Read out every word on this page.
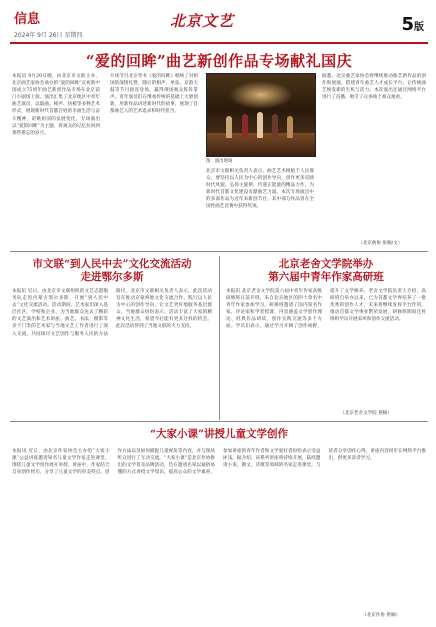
信息
2024年 9月 26日 星期四
北京文艺	5版
“爱的回眸”曲艺新创作品专场献礼国庆
本报讯 9月20日晚，由北京市文联主办、北京曲艺家协会承办的“爱的回眸”庆祝新中国成立75周年曲艺新创作品专场在北京前门小剧场上演。演出汇集了北京地区中青年曲艺演员，以鼓曲、相声、快板等多种艺术形式，展现新时代首都百姓的幸福生活与奋斗精神，讴歌祖国的发展变化。专场演出以“爱的回眸”为主题，将观众的记忆拉回到那些难忘的岁月。
开场节目北京琴书《爱的回眸》唱响了对祖国的深情礼赞，随后的相声、单弦、京韵大鼓等节目接连登场，赢得现场观众阵阵掌声。青年演员们在继承传统的基础上大胆创新，用新作品讲述新时代的故事，展现了首都曲艺人的艺术追求和时代担当。
图：演出现场
北京市文联相关负责人表示，曲艺艺术根植于人民群众，要坚持以人民为中心的创作导向，创作更多反映时代风貌、弘扬主旋律、传递正能量的精品力作，为新时代首都文化建设贡献曲艺力量。本次专场演出中的多部作品为近年来新创节目，其中部分作品曾在全国性曲艺比赛中获得奖项。
据悉，北京曲艺家协会将继续推动曲艺新作品的创作和展演，搭建青年曲艺人才成长平台，让传统曲艺焕发新的生机与活力。本次演出还通过网络平台进行了直播，吸引了众多线上观众观看。
（北京曲协 张楠/文）
市文联“到人民中去”文化交流活动
走进鄂尔多斯
本报讯 近日，由北京市文联组织的文艺志愿服务队走进内蒙古鄂尔多斯，开展“到人民中去”文化交流活动。活动期间，艺术家们深入基层社区、学校和企业，为当地群众送去了精彩的文艺演出和艺术讲座。曲艺、书法、摄影等多个门类的艺术家与当地文艺工作者进行了深入交流，共同探讨文艺创作与服务人民的方法路径。北京市文联相关负责人表示，此次活动旨在推动京蒙两地文化交流合作，践行以人民为中心的创作导向，让文艺更好地服务基层群众。当地群众纷纷表示，活动丰富了大家的精神文化生活，希望今后能有更多这样的机会。此次活动得到了当地文联的大力支持。
北京老舍文学院举办
第六届中青年作家高研班
本报讯 北京老舍文学院第六届中青年作家高级研修班日前开班，来自北京地区的四十余名中青年作家参加学习。研修班邀请了国内知名作家、评论家和学者授课，内容涵盖文学创作理论、经典作品研读、创作实践交流等多个方面。学员们表示，通过学习开阔了创作视野，提升了文学修养。老舍文学院负责人介绍，高研班自举办以来，已为首都文学界培养了一批优秀的创作人才，未来将继续发挥平台作用，推动首都文学事业繁荣发展。研修班期间还将组织学员开展采风和创作交流活动。
（北京老舍文学院 供稿）
“大家小课”讲授儿童文学创作
本报讯 近日，由北京作家协会主办的“大家小课”公益讲座邀请知名儿童文学作家走进课堂，围绕儿童文学创作展开讲授。讲座中，作家结合自身创作经历，分享了儿童文学的审美特点、创作方法以及如何捕捉儿童视角等内容，并与现场听众进行了互动交流。“大家小课”是北京作协推出的文学普及品牌活动，旨在邀请名家以通俗易懂的方式讲授文学知识，提高公众的文学素养。参加讲座的青年作者和文学爱好者纷纷表示受益匪浅。据介绍，该系列讲座将持续开展，陆续邀请小说、散文、诗歌等领域的名家走进课堂，与读者分享创作心得。讲座内容同步在网络平台推出，供更多读者学习。
（北京作协 供稿）
